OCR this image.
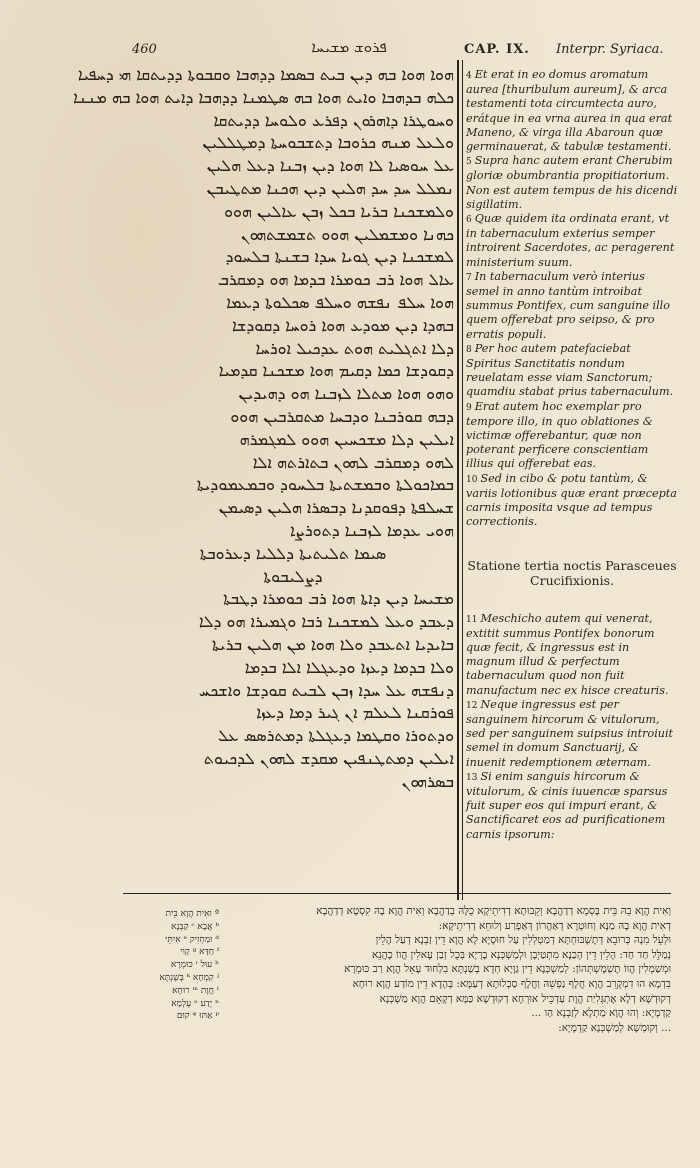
460	ܦܪܘܫ ܡܫܝܚܐ	CAP. IX. Interpr. Syriaca.
ܗܘܐ ܗܘܐ ܒܗ ܕܝܢ ܒܝܬ ܒܣܡܐ ܕܕܗܒܐ ܘܩܒܘܬܐ ܕܕܝܬܩܐ ܗܝ ܕܚܦܝܐ
ܟܠܗ ܒܕܗܒܐ ܘܐܝܬ ܗܘܐ ܒܗ ܣܛܡܢܐ ܕܕܗܒܐ ܕܐܝܬ ܗܘܐ ܒܗ ܡܢܢܐ
ܘܚܘܛܪܐ ܕܐܗܪܘܢ ܕܦܪܥ ܘܠܘܚܐ ܕܕܝܬܩܐ
ܘܠܥܠ ܡܢܗ ܟܪܘܒܐ ܕܬܫܒܘܚܬܐ ܕܡܛܠܠܝܢ
ܥܠ ܚܘܣܝܐ ܠܐ ܗܘܐ ܕܝܢ ܙܒܢܐ ܕܥܠ ܗܠܝܢ
ܢܡܠܠ ܚܕ ܚܕ ܗܠܝܢ ܕܝܢ ܗܟܢܐ ܡܬܛܝܒܢ
ܘܠܡܫܟܢܐ ܒܪܝܐ ܒܟܠ ܙܒܢ ܥܐܠܝܢ ܗܘܘ
ܟܗܢܐ ܘܡܫܡܠܝܢ ܗܘܘ ܬܫܡܫܬܗܘܢ
ܠܡܫܟܢܐ ܕܝܢ ܓܘܝܐ ܚܕܐ ܒܫܢܬܐ ܒܠܚܘܕ
ܥܐܠ ܗܘܐ ܪܒ ܟܘܡܪܐ ܒܕܡܐ ܗܘ ܕܡܩܪܒ
ܗܘܐ ܚܠܦ ܢܦܫܗ ܘܚܠܦ ܣܟܠܘܬܐ ܕܥܡܐ
ܒܗܕܐ ܕܝܢ ܡܘܕܥ ܗܘܐ ܪܘܚܐ ܕܩܘܕܫܐ
ܕܠܐ ܐܬܓܠܝܬ ܗܘܬ ܥܕܟܝܠ ܐܘܪܚܐ
ܕܩܘܕܫܐ ܟܡܐ ܕܩܝܡ ܗܘܐ ܡܫܟܢܐ ܩܕܡܝܐ
ܘܗܘ ܗܘܐ ܡܬܠܐ ܠܙܒܢܐ ܗܘ ܕܗܝܕܝܢ
ܕܒܗ ܩܘܪܒܢܐ ܘܕܒܚܐ ܡܬܩܪܒܝܢ ܗܘܘ
ܐܝܠܝܢ ܕܠܐ ܡܫܟܚܝܢ ܗܘܘ ܠܡܓܡܪܗ
ܠܗܘ ܕܡܩܪܒ ܠܗܘܢ ܒܬܐܪܬܗ ܐܠܐ
ܒܡܐܟܘܠܬܐ ܘܒܡܫܬܝܬܐ ܒܠܚܘܕ ܘܒܡܥܡܘܕܝܬܐ
ܫܚܠܦܬܐ ܕܦܘܩܕܢܐ ܕܒܣܪܐ ܗܠܝܢ ܕܣܝܡܢ
ܗܘܝ ܥܕܡܐ ܠܙܒܢܐ ܕܬܘܪܨܐ
ܣܝܡܐ ܬܠܝܬܝܬܐ ܕܠܠܝܐ ܕܥܪܘܒܬܐ
ܕܨܠܝܒܘܬܐ
ܡܫܝܚܐ ܕܝܢ ܕܐܬܐ ܗܘܐ ܪܒ ܟܘܡܪܐ ܕܛܒܬܐ
ܕܥܒܕ ܘܥܠ ܠܡܫܟܢܐ ܪܒܐ ܘܓܡܝܪܐ ܗܘ ܕܠܐ
ܒܐܝܕܝܐ ܐܬܥܒܕ ܘܠܐ ܗܘܐ ܡܢ ܗܠܝܢ ܒܪܝܬܐ
ܘܠܐ ܒܕܡܐ ܕܥܙܐ ܘܕܥܓܠܐ ܐܠܐ ܒܕܡܐ
ܕܢܦܫܗ ܥܠ ܚܕܐ ܙܒܢ ܠܒܝܬ ܩܘܕܫܐ ܘܐܫܟܚ
ܦܘܪܩܢܐ ܠܥܠܡ ܐܢ ܓܝܪ ܕܡܐ ܕܥܙܐ
ܘܕܬܘܪܐ ܘܩܛܡܐ ܕܥܓܠܬܐ ܕܡܬܪܣܣ ܥܠ
ܐܝܠܝܢ ܕܡܬܛܢܦܝܢ ܡܩܕܫ ܠܗܘܢ ܠܕܟܝܘܬ
ܒܣܪܗܘܢ

4 Et erat in eo domus aromatum aurea [thuribulum aureum], & arca testamenti tota circumtecta auro, erátque in ea vrna aurea in qua erat Maneno, & virga illa Abaroun quæ germinauerat, & tabulæ testamenti.

5 Supra hanc autem erant Cherubim gloriæ obumbrantia propitiatorium. Non est autem tempus de his dicendi sigillatim.

6 Quæ quidem ita ordinata erant, vt in tabernaculum exterius semper introirent Sacerdotes, ac peragerent ministerium suum.

7 In tabernaculum verò interius semel in anno tantùm introibat summus Pontifex, cum sanguine illo quem offerebat pro seipso, & pro erratis populi.

8 Per hoc autem patefaciebat Spiritus Sanctitatis nondum reuelatam esse viam Sanctorum; quamdiu stabat prius tabernaculum.

9 Erat autem hoc exemplar pro tempore illo, in quo oblationes & victimæ offerebantur, quæ non poterant perficere conscientiam illius qui offerebat eas.

10 Sed in cibo & potu tantùm, & variis lotionibus quæ erant præcepta carnis imposita vsque ad tempus correctionis.

Statione tertia noctis Parasceues Crucifixionis.

11 Meschicho autem qui venerat, extitit summus Pontifex bonorum quæ fecit, & ingressus est in magnum illud & perfectum tabernaculum quod non fuit manufactum nec ex hisce creaturis.

12 Neque ingressus est per sanguinem hircorum & vitulorum, sed per sanguinem suipsius introiuit semel in domum Sanctuarij, & inuenit redemptionem æternam.

13 Si enim sanguis hircorum & vitulorum, & cinis iuuencæ sparsus fuit super eos qui impuri erant, & Sanctificaret eos ad purificationem carnis ipsorum:

ª וּאִית הֲוָא בֵּית
ᵇ אֲבָא ᶜ קַבְּנָא
ᵈ וּמַחְזִיק ᵉ אִיתֵּי
ᶠ חַדָּא ᵍ קַוּי
ʰ עוּל ᶦ כּוּמְרָא
ʲ קִמְחָא ᵏ בְּשָׁנְתָּא
ˡ חֲוָת ᵐ רוּחָא
ⁿ יְדַע ᵒ עֶלְמָא
ᵖ אַתּוּ ᵠ קוּם
וְאִית הֲוָא בֵהּ בֵּית בֶּסְמָא דְדַהֲבָא וְקֵבוּתָא דְדִיתֵיקָא כֻלָּהּ בְדַהֲבָא וְאִית הֲוָא בָהּ קִסְטָא דְדַהֲבָא
דְאִית הֲוָא בָהּ מַנָּא וְחוּטְרָא דְאַהֲרוֹן דְּאַפְרַע וְלוּחֵא דְדִיתֵיקָא:
וּלְעֵל מִנָהּ כְּרוּבֵא דְתֶשְׁבּוּחְתָּא דְמַטְלְלִין עַל חוּסָיָא לָא הֲוָא דֵין זַבְנָא דְעַל הָלֵין
נְמַלֵּל חַד חַד: הָלֵין דֵין הָכַנָא מִתְטַיְבָן וּלְמַשְׁכְּנָא בָרָיָא בְּכֻל זְבַן עָאלִין הֲווֹ כָהֲנֵא
וּמְשַׁמְלִין הֲווֹ תֶשְׁמֶשְׁתְּהוֹן: לְמַשְׁכְּנָא דֵין גַוָּיָא חְדָא בְשַׁנְתָּא בִלְחוּד עָאֵל הֲוָא רַב כּוּמְרָא
בִּדְמָא הוּ דִמְקָרֵב הֲוָא חֲלָף נַפְשֵׁהּ וַחֲלָף סַכְלוּתָא דְעַמָּא: בְּהָדָא דֵין מוֹדַע הֲוָא רוּחָא
דְקוּדְשָׁא דְלָא אֶתְגְּלִיַת הֲוָת עַדְכֵּיל אוּרְחָא דְקוּדְשָׁא כַּמָּא דְקָאֵם הֲוָא מַשְׁכְּנָא
קַדְמָיָא: וְהוּ הֲוָא מַתְלָא לְזַבְנָא הַו ...
... וְקוּמְשָׁא לְמַשְׁכְּנָא קַדְמָיָא:
